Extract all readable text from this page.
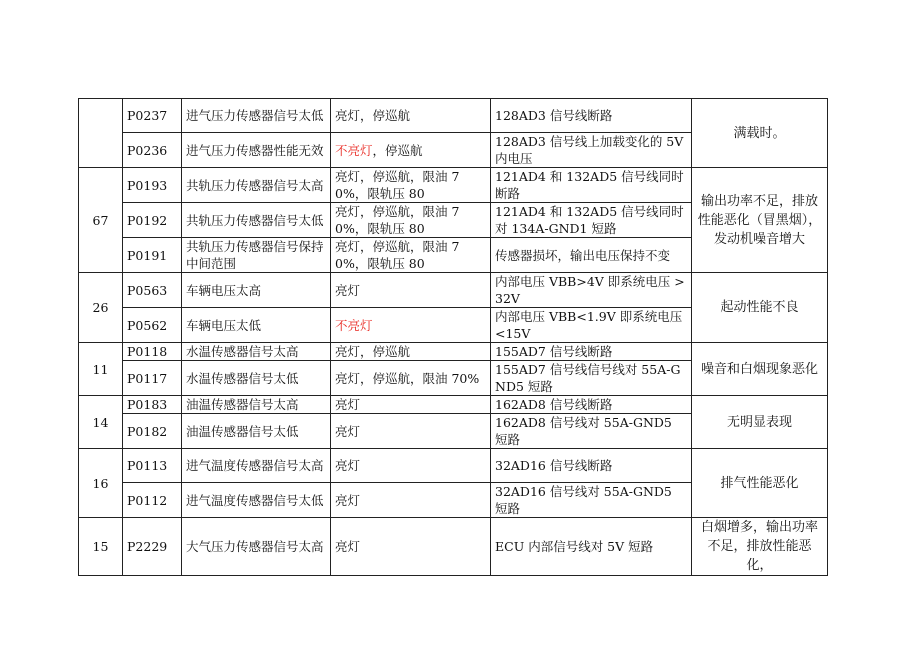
	P0237	进气压力传感器信号太低	亮灯，停巡航	128AD3 信号线断路	满载时。
	P0236	进气压力传感器性能无效	不亮灯，停巡航	128AD3 信号线上加载变化的 5V 内电压	
67	P0193	共轨压力传感器信号太高	亮灯，停巡航，限油 70%，限轨压 80	121AD4 和 132AD5 信号线同时断路	输出功率不足，排放性能恶化（冒黑烟），发动机噪音增大
	P0192	共轨压力传感器信号太低	亮灯，停巡航，限油 70%，限轨压 80	121AD4 和 132AD5 信号线同时对 134A-GND1 短路	
	P0191	共轨压力传感器信号保持中间范围	亮灯，停巡航，限油 70%，限轨压 80	传感器损坏，输出电压保持不变	
26	P0563	车辆电压太高	亮灯	内部电压 VBB>4V 即系统电压 >32V	起动性能不良
	P0562	车辆电压太低	不亮灯	内部电压 VBB<1.9V 即系统电压 <15V	
11	P0118	水温传感器信号太高	亮灯，停巡航	155AD7 信号线断路	噪音和白烟现象恶化
	P0117	水温传感器信号太低	亮灯，停巡航，限油 70%	155AD7 信号线信号线对 55A-GND5 短路	
14	P0183	油温传感器信号太高	亮灯	162AD8 信号线断路	无明显表现
	P0182	油温传感器信号太低	亮灯	162AD8 信号线对 55A-GND5 短路	
16	P0113	进气温度传感器信号太高	亮灯	32AD16 信号线断路	排气性能恶化
	P0112	进气温度传感器信号太低	亮灯	32AD16 信号线对 55A-GND5 短路	
15	P2229	大气压力传感器信号太高	亮灯	ECU 内部信号线对 5V 短路	白烟增多，输出功率不足，排放性能恶化，
